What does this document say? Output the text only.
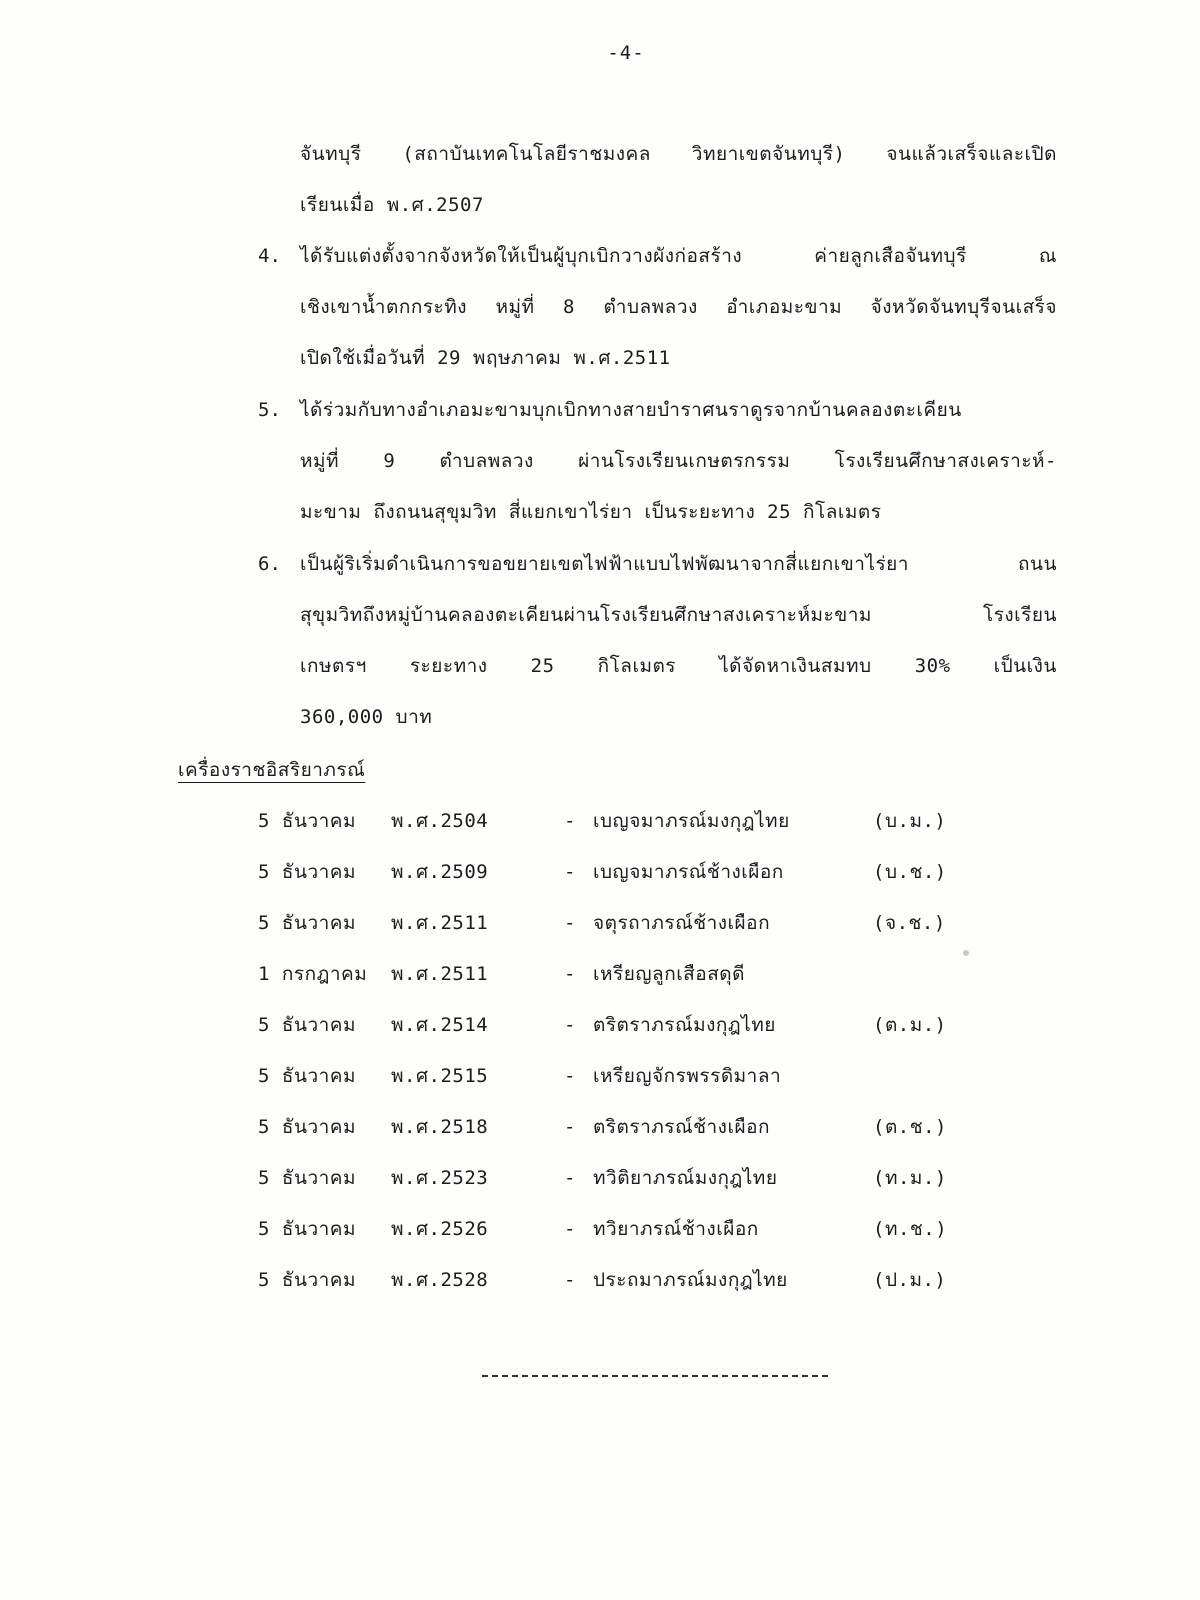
-4-
จันทบุรี (สถาบันเทคโนโลยีราชมงคล วิทยาเขตจันทบุรี) จนแล้วเสร็จและเปิด
เรียนเมื่อ พ.ศ.2507
4. ได้รับแต่งตั้งจากจังหวัดให้เป็นผู้บุกเบิกวางผังก่อสร้าง	ค่ายลูกเสือจันทบุรี	ณ
เชิงเขาน้ำตกกระทิง หมู่ที่ 8 ตำบลพลวง อำเภอมะขาม จังหวัดจันทบุรีจนเสร็จ
เปิดใช้เมื่อวันที่ 29 พฤษภาคม พ.ศ.2511
5. ได้ร่วมกับทางอำเภอมะขามบุกเบิกทางสายบำราศนราดูรจากบ้านคลองตะเคียน
หมู่ที่ 9 ตำบลพลวง ผ่านโรงเรียนเกษตรกรรม โรงเรียนศึกษาสงเคราะห์-
มะขาม ถึงถนนสุขุมวิท สี่แยกเขาไร่ยา เป็นระยะทาง 25 กิโลเมตร
6. เป็นผู้ริเริ่มดำเนินการขอขยายเขตไฟฟ้าแบบไฟพัฒนาจากสี่แยกเขาไร่ยา	ถนน
สุขุมวิทถึงหมู่บ้านคลองตะเคียนผ่านโรงเรียนศึกษาสงเคราะห์มะขาม	โรงเรียน
เกษตรฯ ระยะทาง 25 กิโลเมตร ได้จัดหาเงินสมทบ 30% เป็นเงิน
360,000 บาท
เครื่องราชอิสริยาภรณ์
5 ธันวาคม พ.ศ.2504	- เบญจมาภรณ์มงกุฎไทย	(บ.ม.)
5 ธันวาคม พ.ศ.2509	- เบญจมาภรณ์ช้างเผือก	(บ.ช.)
5 ธันวาคม พ.ศ.2511	- จตุรถาภรณ์ช้างเผือก	(จ.ช.)
1 กรกฎาคม พ.ศ.2511	- เหรียญลูกเสือสดุดี
5 ธันวาคม พ.ศ.2514	- ตริตราภรณ์มงกุฎไทย	(ต.ม.)
5 ธันวาคม พ.ศ.2515	- เหรียญจักรพรรดิมาลา
5 ธันวาคม พ.ศ.2518	- ตริตราภรณ์ช้างเผือก	(ต.ช.)
5 ธันวาคม พ.ศ.2523	- ทวิติยาภรณ์มงกุฎไทย	(ท.ม.)
5 ธันวาคม พ.ศ.2526	- ทวิยาภรณ์ช้างเผือก	(ท.ช.)
5 ธันวาคม พ.ศ.2528	- ประถมาภรณ์มงกุฎไทย	(ป.ม.)
